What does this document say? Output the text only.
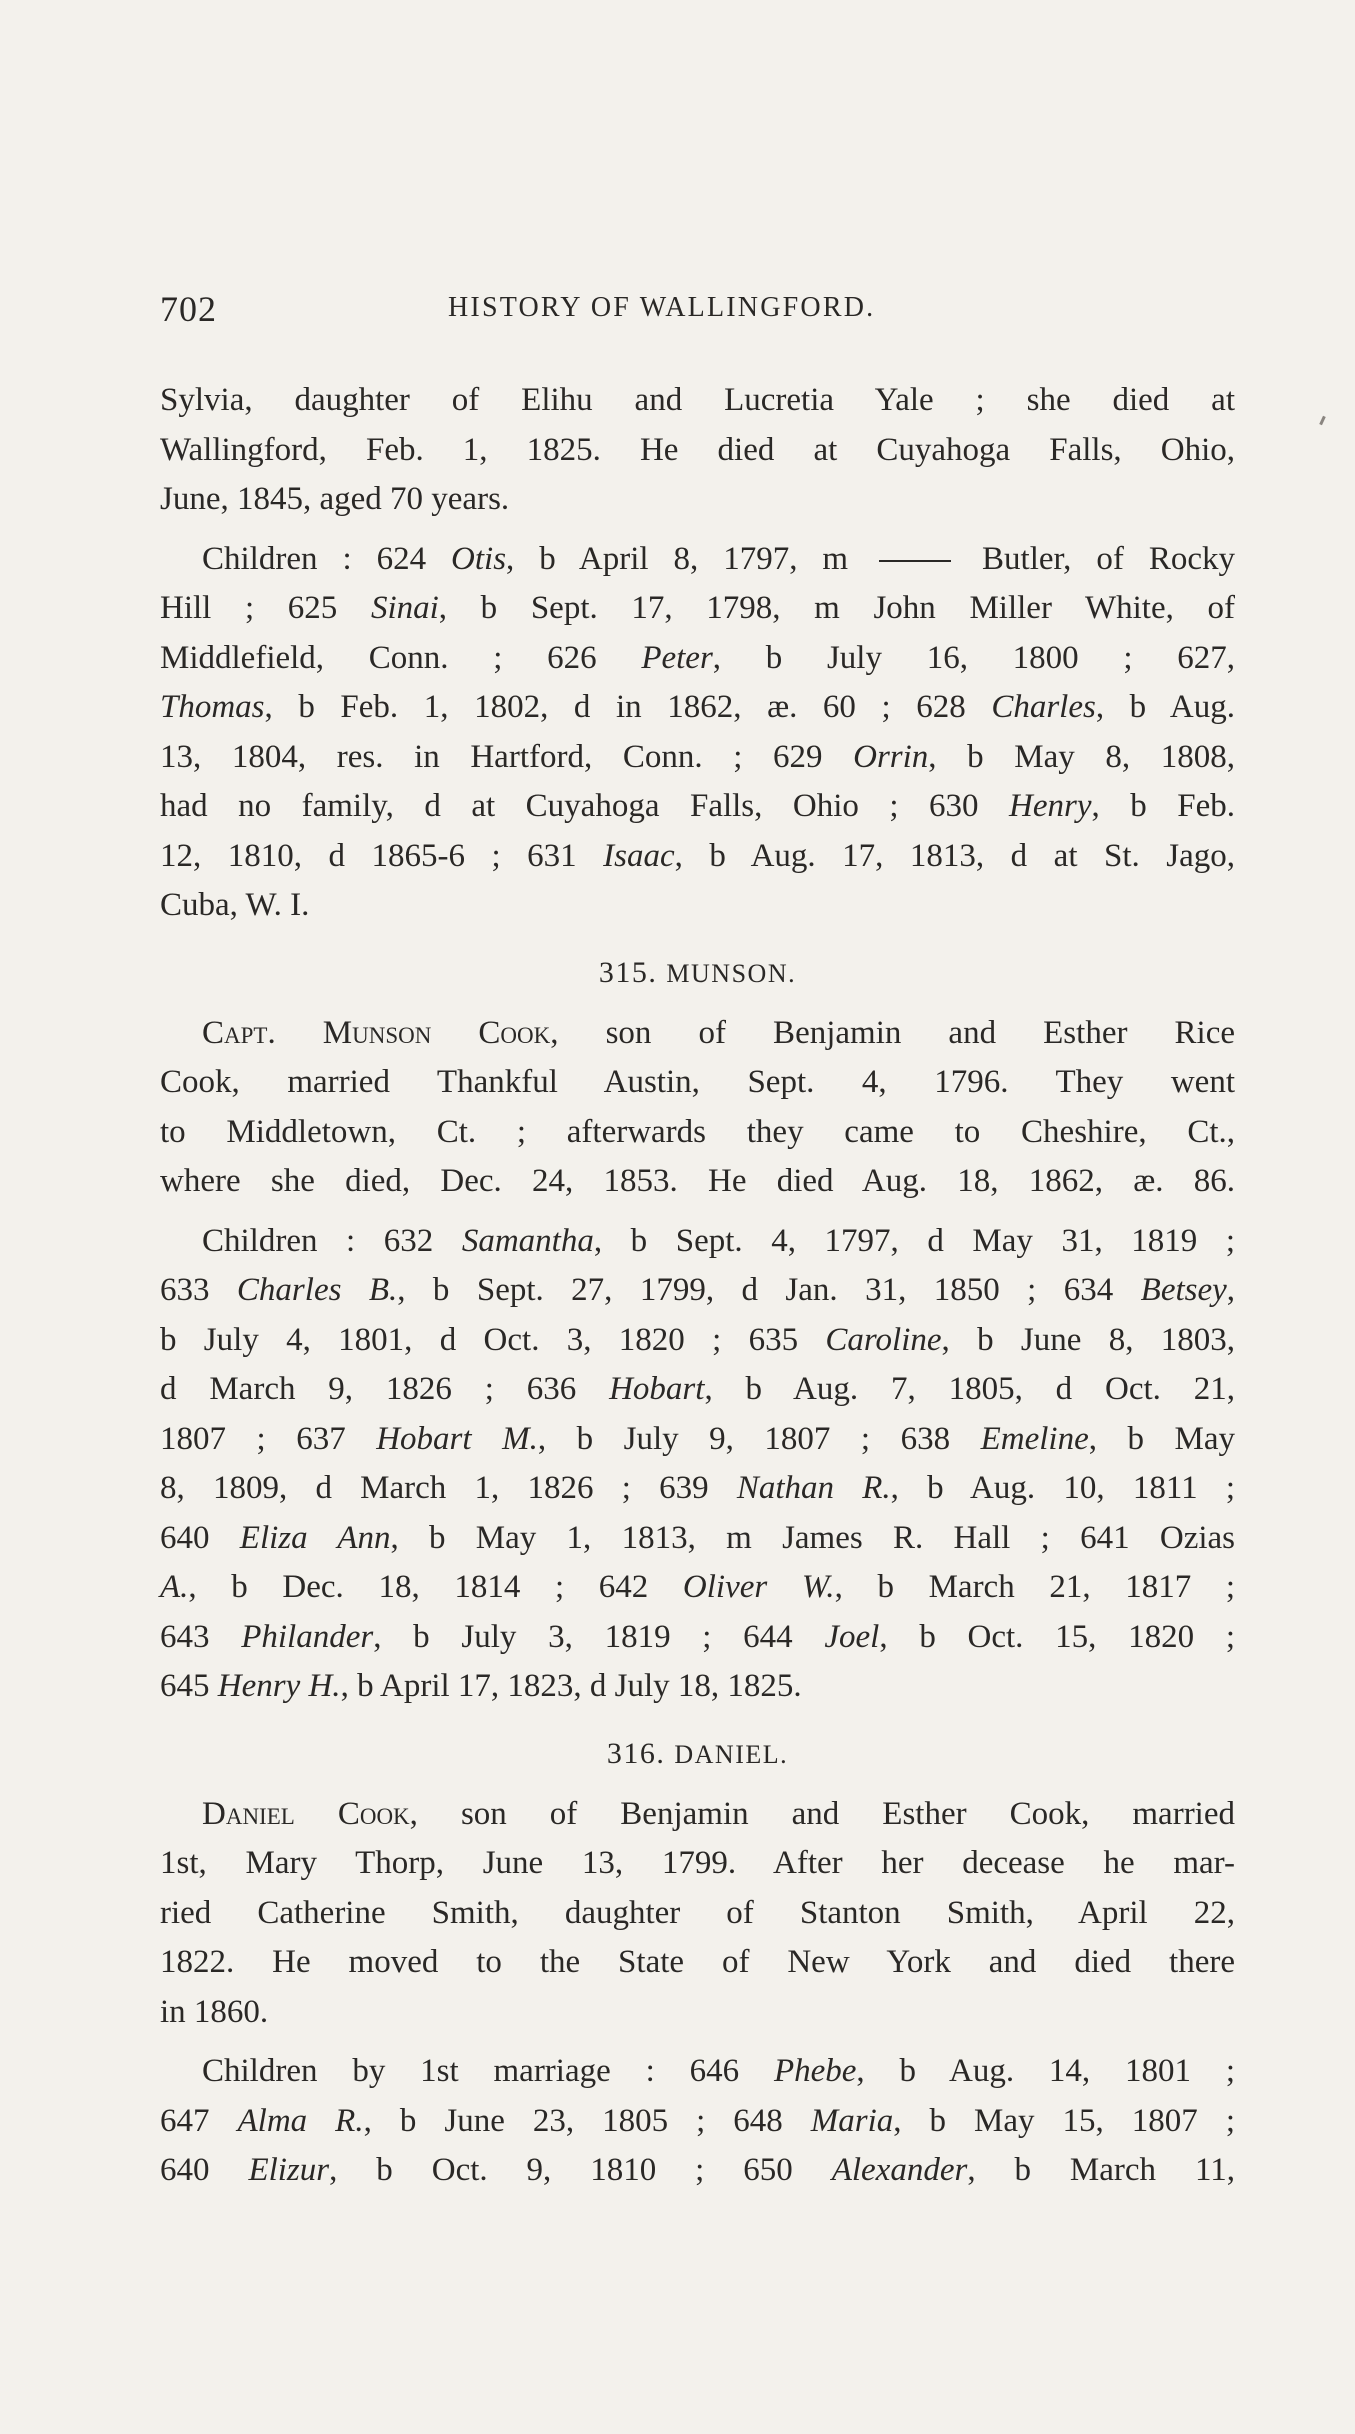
702	HISTORY OF WALLINGFORD.
Sylvia, daughter of Elihu and Lucretia Yale ; she died at
Wallingford, Feb. 1, 1825. He died at Cuyahoga Falls, Ohio,
June, 1845, aged 70 years.
Children : 624 Otis, b April 8, 1797, m	Butler, of Rocky
Hill ; 625 Sinai, b Sept. 17, 1798, m John Miller White, of
Middlefield, Conn. ; 626 Peter, b July 16, 1800 ; 627,
Thomas, b Feb. 1, 1802, d in 1862, æ. 60 ; 628 Charles, b Aug.
13, 1804, res. in Hartford, Conn. ; 629 Orrin, b May 8, 1808,
had no family, d at Cuyahoga Falls, Ohio ; 630 Henry, b Feb.
12, 1810, d 1865-6 ; 631 Isaac, b Aug. 17, 1813, d at St. Jago,
Cuba, W. I.
315. MUNSON.
Capt. Munson Cook, son of Benjamin and Esther Rice
Cook, married Thankful Austin, Sept. 4, 1796. They went
to Middletown, Ct. ; afterwards they came to Cheshire, Ct.,
where she died, Dec. 24, 1853. He died Aug. 18, 1862, æ. 86.
Children : 632 Samantha, b Sept. 4, 1797, d May 31, 1819 ;
633 Charles B., b Sept. 27, 1799, d Jan. 31, 1850 ; 634 Betsey,
b July 4, 1801, d Oct. 3, 1820 ; 635 Caroline, b June 8, 1803,
d March 9, 1826 ; 636 Hobart, b Aug. 7, 1805, d Oct. 21,
1807 ; 637 Hobart M., b July 9, 1807 ; 638 Emeline, b May
8, 1809, d March 1, 1826 ; 639 Nathan R., b Aug. 10, 1811 ;
640 Eliza Ann, b May 1, 1813, m James R. Hall ; 641 Ozias
A., b Dec. 18, 1814 ; 642 Oliver W., b March 21, 1817 ;
643 Philander, b July 3, 1819 ; 644 Joel, b Oct. 15, 1820 ;
645 Henry H., b April 17, 1823, d July 18, 1825.
316. DANIEL.
Daniel Cook, son of Benjamin and Esther Cook, married
1st, Mary Thorp, June 13, 1799. After her decease he mar-
ried Catherine Smith, daughter of Stanton Smith, April 22,
1822. He moved to the State of New York and died there
in 1860.
Children by 1st marriage : 646 Phebe, b Aug. 14, 1801 ;
647 Alma R., b June 23, 1805 ; 648 Maria, b May 15, 1807 ;
640 Elizur, b Oct. 9, 1810 ; 650 Alexander, b March 11,
